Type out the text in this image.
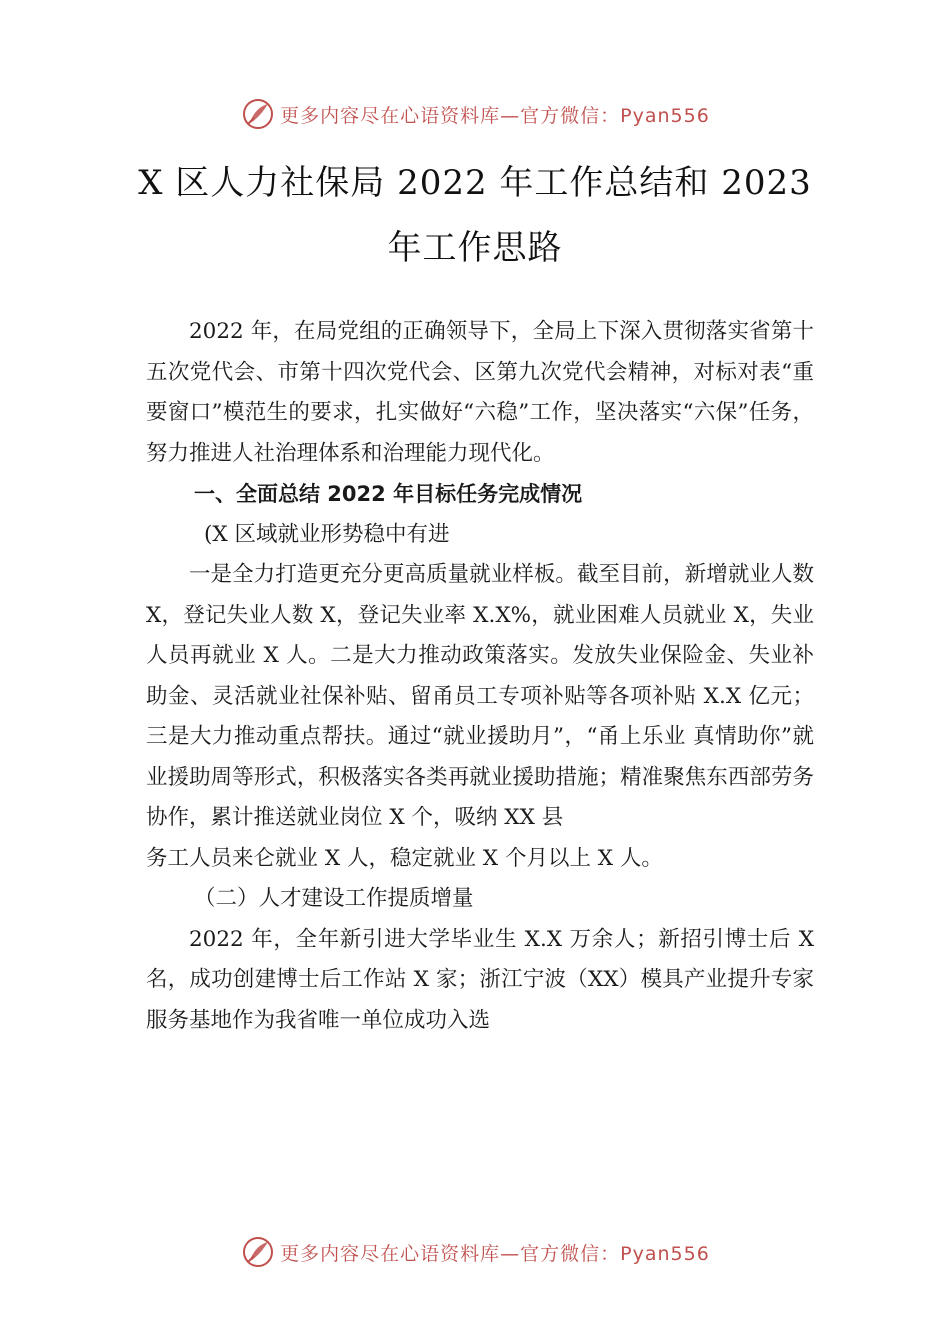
更多内容尽在心语资料库—官方微信：Pyan556
X 区人力社保局 2022 年工作总结和 2023
年工作思路

2022 年，在局党组的正确领导下，全局上下深入贯彻落实省第十五次党代会、市第十四次党代会、区第九次党代会精神，对标对表“重要窗口”模范生的要求，扎实做好“六稳”工作，坚决落实“六保”任务，努力推进人社治理体系和治理能力现代化。

一、全面总结 2022 年目标任务完成情况

(X 区域就业形势稳中有进

一是全力打造更充分更高质量就业样板。截至目前，新增就业人数 X，登记失业人数 X，登记失业率 X.X%，就业困难人员就业 X，失业人员再就业 X 人。二是大力推动政策落实。发放失业保险金、失业补助金、灵活就业社保补贴、留甬员工专项补贴等各项补贴 X.X 亿元；三是大力推动重点帮扶。通过“就业援助月”，“甬上乐业 真情助你”就业援助周等形式，积极落实各类再就业援助措施；精准聚焦东西部劳务协作，累计推送就业岗位 X 个，吸纳 XX 县

务工人员来仑就业 X 人，稳定就业 X 个月以上 X 人。

（二）人才建设工作提质增量

2022 年，全年新引进大学毕业生 X.X 万余人；新招引博士后 X 名，成功创建博士后工作站 X 家；浙江宁波（XX）模具产业提升专家服务基地作为我省唯一单位成功入选

更多内容尽在心语资料库—官方微信：Pyan556
